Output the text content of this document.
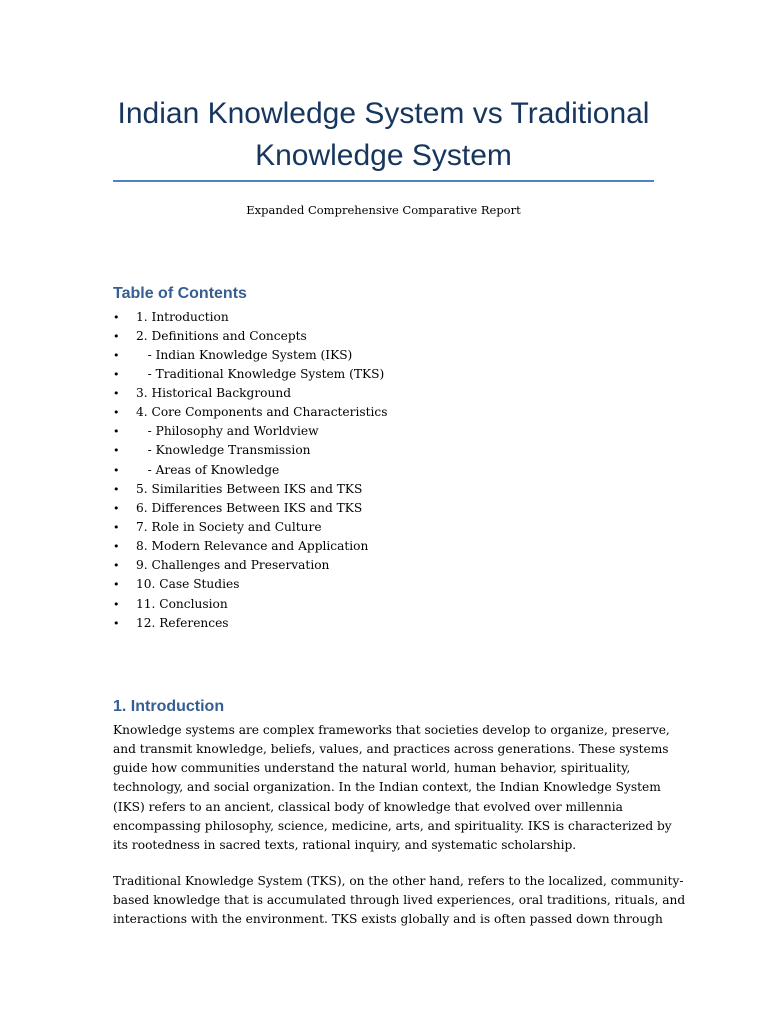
Indian Knowledge System vs Traditional Knowledge System
Expanded Comprehensive Comparative Report
Table of Contents
• 1. Introduction
• 2. Definitions and Concepts
• - Indian Knowledge System (IKS)
• - Traditional Knowledge System (TKS)
• 3. Historical Background
• 4. Core Components and Characteristics
• - Philosophy and Worldview
• - Knowledge Transmission
• - Areas of Knowledge
• 5. Similarities Between IKS and TKS
• 6. Differences Between IKS and TKS
• 7. Role in Society and Culture
• 8. Modern Relevance and Application
• 9. Challenges and Preservation
• 10. Case Studies
• 11. Conclusion
• 12. References
1. Introduction

Knowledge systems are complex frameworks that societies develop to organize, preserve,
and transmit knowledge, beliefs, values, and practices across generations. These systems
guide how communities understand the natural world, human behavior, spirituality,
technology, and social organization. In the Indian context, the Indian Knowledge System
(IKS) refers to an ancient, classical body of knowledge that evolved over millennia
encompassing philosophy, science, medicine, arts, and spirituality. IKS is characterized by
its rootedness in sacred texts, rational inquiry, and systematic scholarship.

Traditional Knowledge System (TKS), on the other hand, refers to the localized, community-
based knowledge that is accumulated through lived experiences, oral traditions, rituals, and
interactions with the environment. TKS exists globally and is often passed down through
